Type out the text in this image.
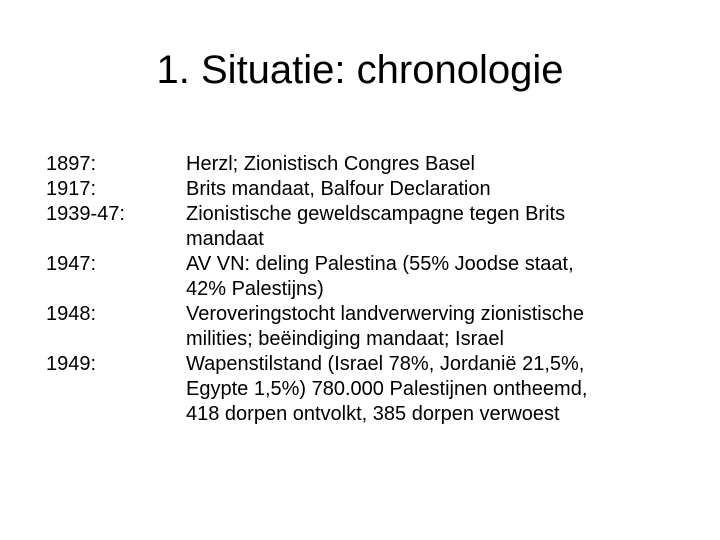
1. Situatie: chronologie
1897:	Herzl; Zionistisch Congres Basel
1917:	Brits mandaat, Balfour Declaration
1939-47:	Zionistische geweldscampagne tegen Brits
mandaat
1947:	AV VN: deling Palestina (55% Joodse staat,
42% Palestijns)
1948:	Veroveringstocht landverwerving zionistische
milities; beëindiging mandaat; Israel
1949:	Wapenstilstand (Israel 78%, Jordanië 21,5%,
Egypte 1,5%) 780.000 Palestijnen ontheemd,
418 dorpen ontvolkt, 385 dorpen verwoest
